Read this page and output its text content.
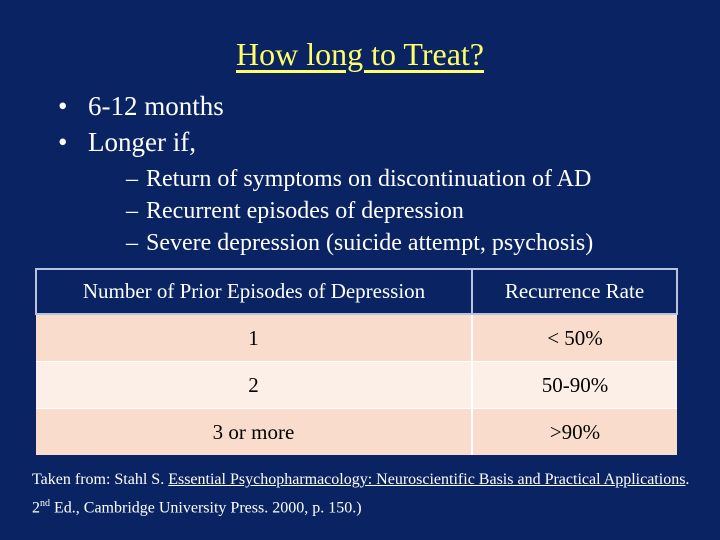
How long to Treat?
• 6-12 months
• Longer if,
– Return of symptoms on discontinuation of AD
– Recurrent episodes of depression
– Severe depression (suicide attempt, psychosis)
Number of Prior Episodes of Depression	Recurrence Rate
1	< 50%
2	50-90%
3 or more	>90%
Taken from: Stahl S. Essential Psychopharmacology: Neuroscientific Basis and Practical Applications. 2nd Ed., Cambridge University Press. 2000, p. 150.)
